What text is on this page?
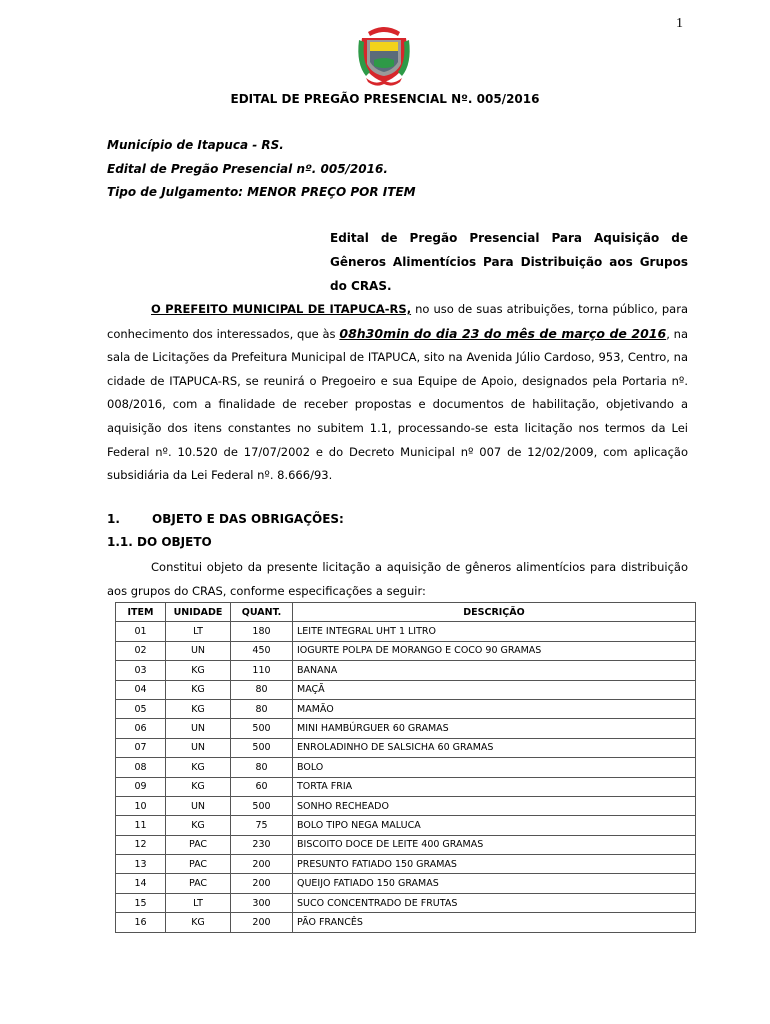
1
EDITAL DE PREGÃO PRESENCIAL Nº. 005/2016
Município de Itapuca - RS.
Edital de Pregão Presencial nº. 005/2016.
Tipo de Julgamento: MENOR PREÇO POR ITEM
Edital de Pregão Presencial Para Aquisição de Gêneros Alimentícios Para Distribuição aos Grupos do CRAS.
O PREFEITO MUNICIPAL DE ITAPUCA-RS, no uso de suas atribuições, torna público, para conhecimento dos interessados, que às 08h30min do dia 23 do mês de março de 2016, na sala de Licitações da Prefeitura Municipal de ITAPUCA, sito na Avenida Júlio Cardoso, 953, Centro, na cidade de ITAPUCA-RS, se reunirá o Pregoeiro e sua Equipe de Apoio, designados pela Portaria nº. 008/2016, com a finalidade de receber propostas e documentos de habilitação, objetivando a aquisição dos itens constantes no subitem 1.1, processando-se esta licitação nos termos da Lei Federal nº. 10.520 de 17/07/2002 e do Decreto Municipal nº 007 de 12/02/2009, com aplicação subsidiária da Lei Federal nº. 8.666/93.
1.	OBJETO E DAS OBRIGAÇÕES:
1.1. DO OBJETO
Constitui objeto da presente licitação a aquisição de gêneros alimentícios para distribuição aos grupos do CRAS, conforme especificações a seguir:
ITEM	UNIDADE	QUANT.	DESCRIÇÃO
01	LT	180	LEITE INTEGRAL UHT 1 LITRO
02	UN	450	IOGURTE POLPA DE MORANGO E COCO 90 GRAMAS
03	KG	110	BANANA
04	KG	80	MAÇÃ
05	KG	80	MAMÃO
06	UN	500	MINI HAMBÚRGUER 60 GRAMAS
07	UN	500	ENROLADINHO DE SALSICHA 60 GRAMAS
08	KG	80	BOLO
09	KG	60	TORTA FRIA
10	UN	500	SONHO RECHEADO
11	KG	75	BOLO TIPO NEGA MALUCA
12	PAC	230	BISCOITO DOCE DE LEITE 400 GRAMAS
13	PAC	200	PRESUNTO FATIADO 150 GRAMAS
14	PAC	200	QUEIJO FATIADO 150 GRAMAS
15	LT	300	SUCO CONCENTRADO DE FRUTAS
16	KG	200	PÃO FRANCÊS
